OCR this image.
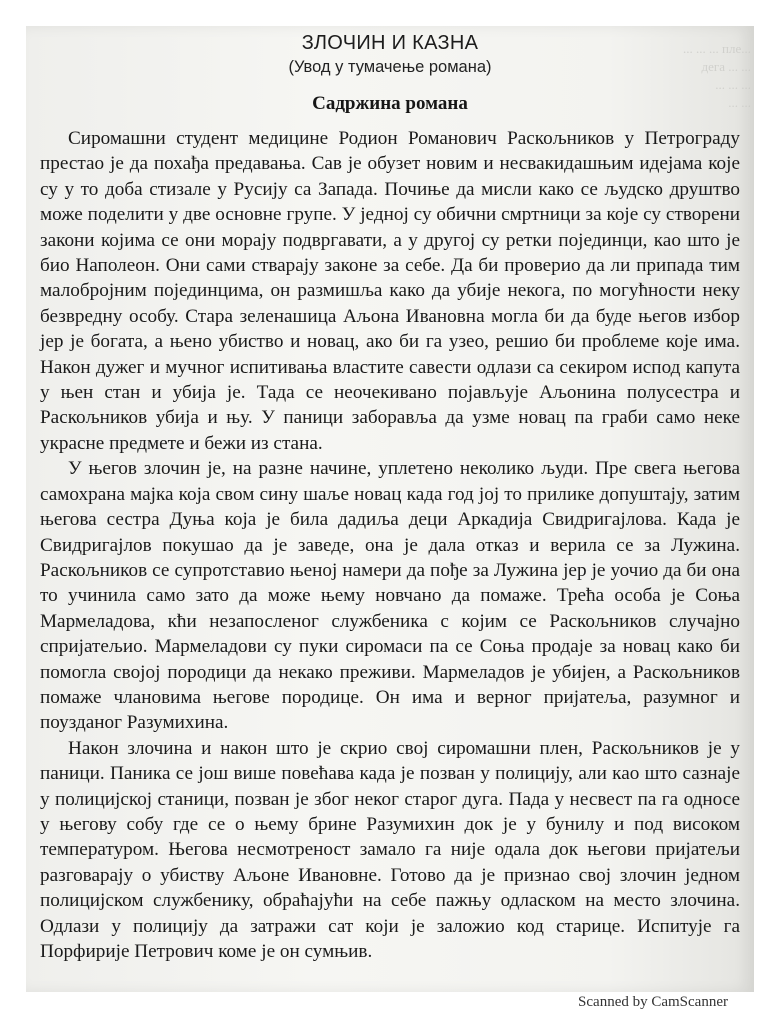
... ... ... пле...
дега ... ...
... ... ...
... ...
ЗЛОЧИН И КАЗНА
(Увод у тумачење романа)
Садржина романа

Сиромашни студент медицине Родион Романович Раскољников у Петрограду престао је да похађа предавања. Сав је обузет новим и несвакидашњим идејама које су у то доба стизале у Русију са Запада. Почиње да мисли како се људско друштво може поделити у две основне групе. У једној су обични смртници за које су створени закони којима се они морају подвргавати, а у другој су ретки појединци, као што је био Наполеон. Они сами стварају законе за себе. Да би проверио да ли припада тим малобројним појединцима, он размишља како да убије некога, по могућности неку безвредну особу. Стара зеленашица Аљона Ивановна могла би да буде његов избор јер је богата, а њено убиство и новац, ако би га узео, решио би проблеме које има. Након дужег и мучног испитивања властите савести одлази са секиром испод капута у њен стан и убија је. Тада се неочекивано појављује Аљонина полусестра и Раскољников убија и њу. У паници заборавља да узме новац па граби само неке украсне предмете и бежи из стана.

У његов злочин је, на разне начине, уплетено неколико људи. Пре свега његова самохрана мајка која свом сину шаље новац када год јој то прилике допуштају, затим његова сестра Дуња која је била дадиља деци Аркадија Свидригајлова. Када је Свидригајлов покушао да је заведе, она је дала отказ и верила се за Лужина. Раскољников се супротставио њеној намери да пође за Лужина јер је уочио да би она то учинила само зато да може њему новчано да помаже. Трећа особа је Соња Мармеладова, кћи незапосленог службеника с којим се Раскољников случајно спријатељио. Мармеладови су пуки сиромаси па се Соња продаје за новац како би помогла својој породици да некако преживи. Мармеладов је убијен, а Раскољников помаже члановима његове породице. Он има и верног пријатеља, разумног и поузданог Разумихина.

Након злочина и након што је скрио свој сиромашни плен, Раскољников је у паници. Паника се још више повећава када је позван у полицију, али као што сазнаје у полицијској станици, позван је због неког старог дуга. Пада у несвест па га односе у његову собу где се о њему брине Разумихин док је у бунилу и под високом температуром. Његова несмотреност замало га није одала док његови пријатељи разговарају о убиству Аљоне Ивановне. Готово да је признао свој злочин једном полицијском службенику, обраћајући на себе пажњу одласком на место злочина. Одлази у полицију да затражи сат који је заложио код старице. Испитује га Порфирије Петрович коме је он сумњив.

Scanned by CamScanner
